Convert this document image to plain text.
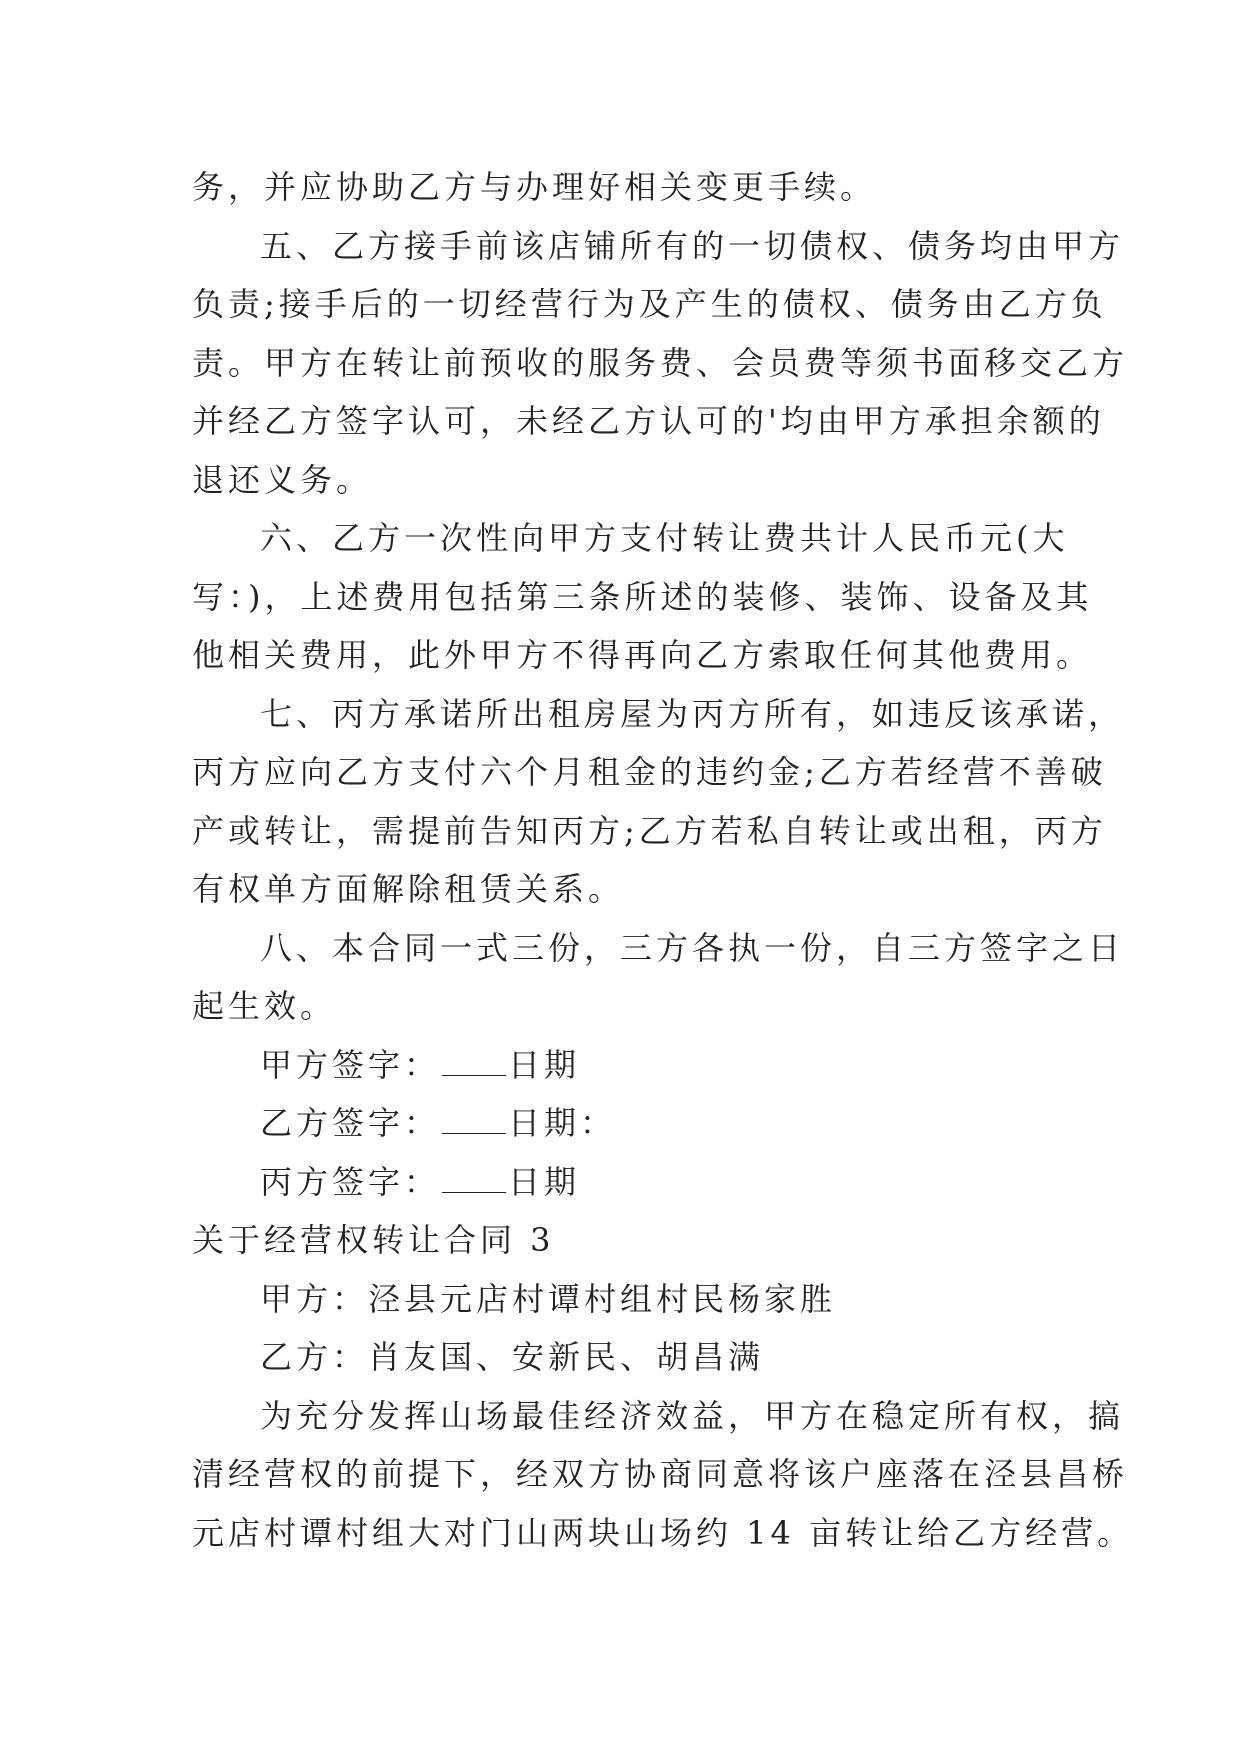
务，并应协助乙方与办理好相关变更手续。

五、乙方接手前该店铺所有的一切债权、债务均由甲方

负责;接手后的一切经营行为及产生的债权、债务由乙方负

责。甲方在转让前预收的服务费、会员费等须书面移交乙方

并经乙方签字认可，未经乙方认可的'均由甲方承担余额的

退还义务。

六、乙方一次性向甲方支付转让费共计人民币元(大

写：)，上述费用包括第三条所述的装修、装饰、设备及其

他相关费用，此外甲方不得再向乙方索取任何其他费用。

七、丙方承诺所出租房屋为丙方所有，如违反该承诺，

丙方应向乙方支付六个月租金的违约金;乙方若经营不善破

产或转让，需提前告知丙方;乙方若私自转让或出租，丙方

有权单方面解除租赁关系。

八、本合同一式三份，三方各执一份，自三方签字之日

起生效。

甲方签字： 日期

乙方签字： 日期：

丙方签字： 日期

关于经营权转让合同 3

甲方：泾县元店村谭村组村民杨家胜

乙方：肖友国、安新民、胡昌满

为充分发挥山场最佳经济效益，甲方在稳定所有权，搞

清经营权的前提下，经双方协商同意将该户座落在泾县昌桥

元店村谭村组大对门山两块山场约 14 亩转让给乙方经营。
